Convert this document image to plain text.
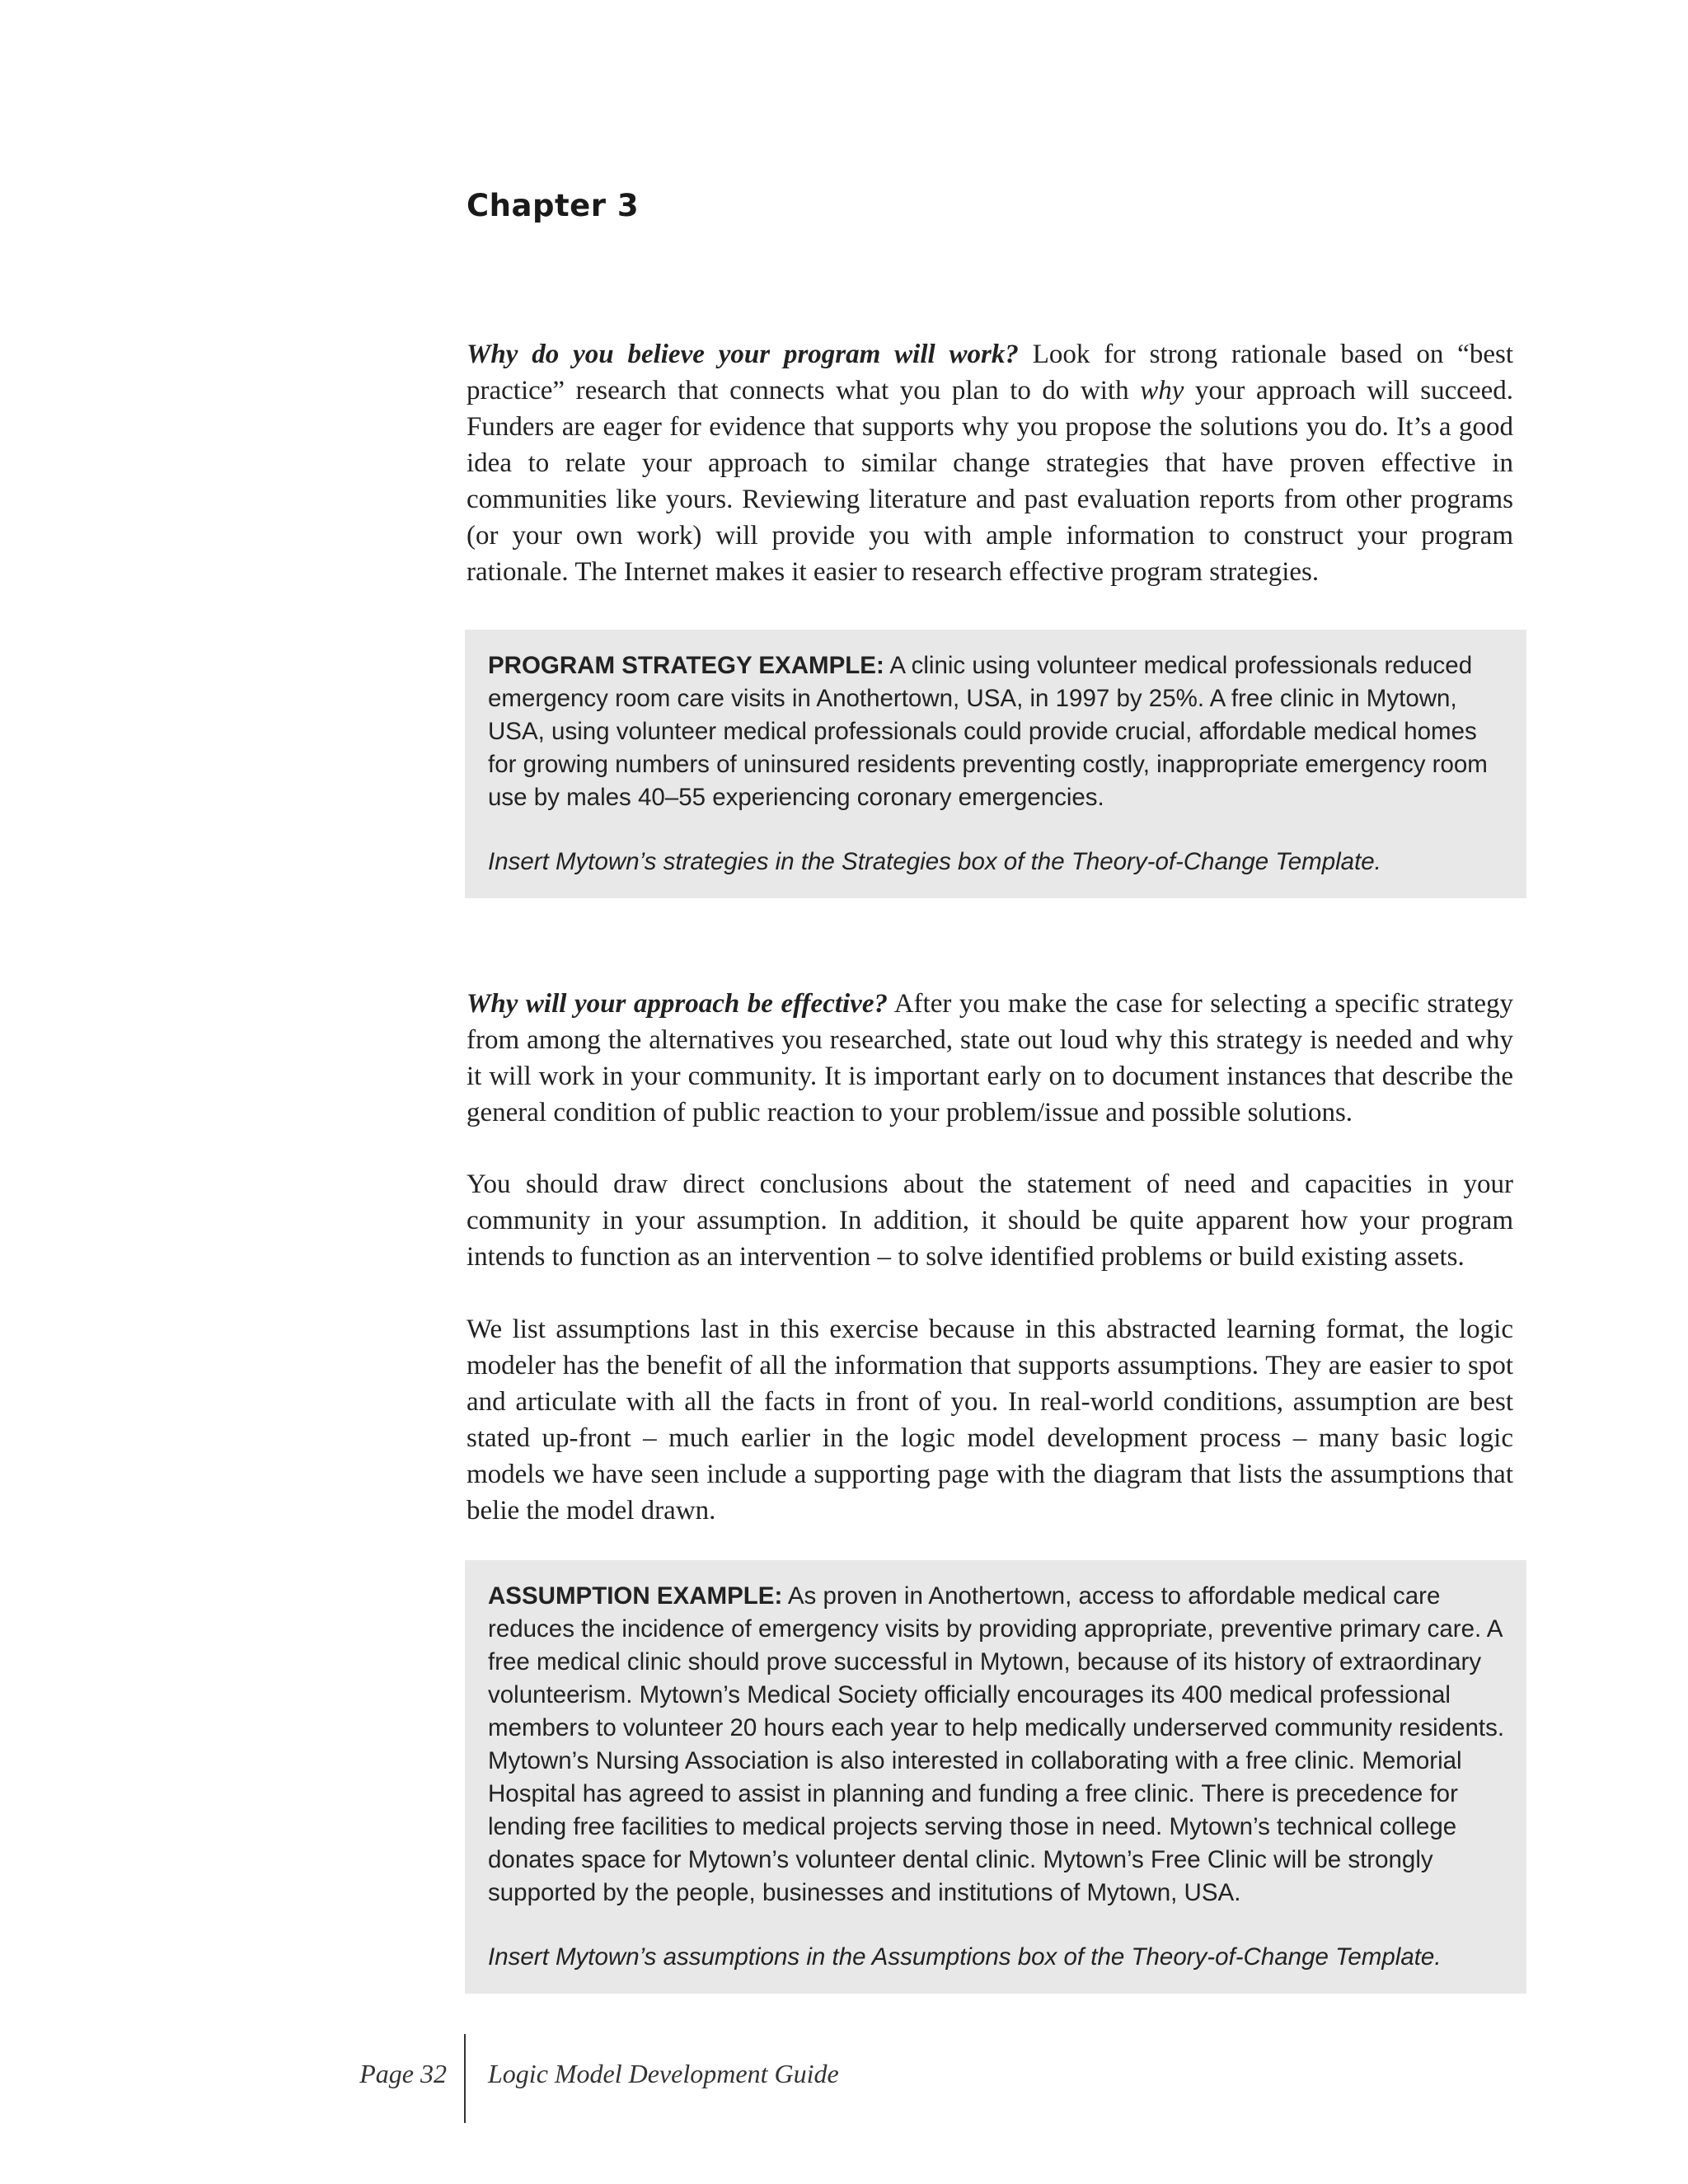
Chapter 3

Why do you believe your program will work? Look for strong rationale based on “best practice” research that connects what you plan to do with why your approach will succeed. Funders are eager for evidence that supports why you propose the solutions you do. It’s a good idea to relate your approach to similar change strategies that have proven effective in communities like yours. Reviewing literature and past evaluation reports from other programs (or your own work) will provide you with ample information to construct your program rationale. The Internet makes it easier to research effective program strategies.

PROGRAM STRATEGY EXAMPLE: A clinic using volunteer medical professionals reduced emergency room care visits in Anothertown, USA, in 1997 by 25%. A free clinic in Mytown, USA, using volunteer medical professionals could provide crucial, affordable medical homes for growing numbers of uninsured residents preventing costly, inappropriate emergency room use by males 40–55 experiencing coronary emergencies.

Insert Mytown’s strategies in the Strategies box of the Theory-of-Change Template.

Why will your approach be effective? After you make the case for selecting a specific strategy from among the alternatives you researched, state out loud why this strategy is needed and why it will work in your community. It is important early on to document instances that describe the general condition of public reaction to your problem/issue and possible solutions.

You should draw direct conclusions about the statement of need and capacities in your community in your assumption. In addition, it should be quite apparent how your program intends to function as an intervention – to solve identified problems or build existing assets.

We list assumptions last in this exercise because in this abstracted learning format, the logic modeler has the benefit of all the information that supports assumptions. They are easier to spot and articulate with all the facts in front of you. In real-world conditions, assumption are best stated up-front – much earlier in the logic model development process – many basic logic models we have seen include a supporting page with the diagram that lists the assumptions that belie the model drawn.

ASSUMPTION EXAMPLE: As proven in Anothertown, access to affordable medical care reduces the incidence of emergency visits by providing appropriate, preventive primary care. A free medical clinic should prove successful in Mytown, because of its history of extraordinary volunteerism. Mytown’s Medical Society officially encourages its 400 medical professional members to volunteer 20 hours each year to help medically underserved community residents. Mytown’s Nursing Association is also interested in collaborating with a free clinic. Memorial Hospital has agreed to assist in planning and funding a free clinic. There is precedence for lending free facilities to medical projects serving those in need. Mytown’s technical college donates space for Mytown’s volunteer dental clinic. Mytown’s Free Clinic will be strongly supported by the people, businesses and institutions of Mytown, USA.

Insert Mytown’s assumptions in the Assumptions box of the Theory-of-Change Template.

Page 32 Logic Model Development Guide
